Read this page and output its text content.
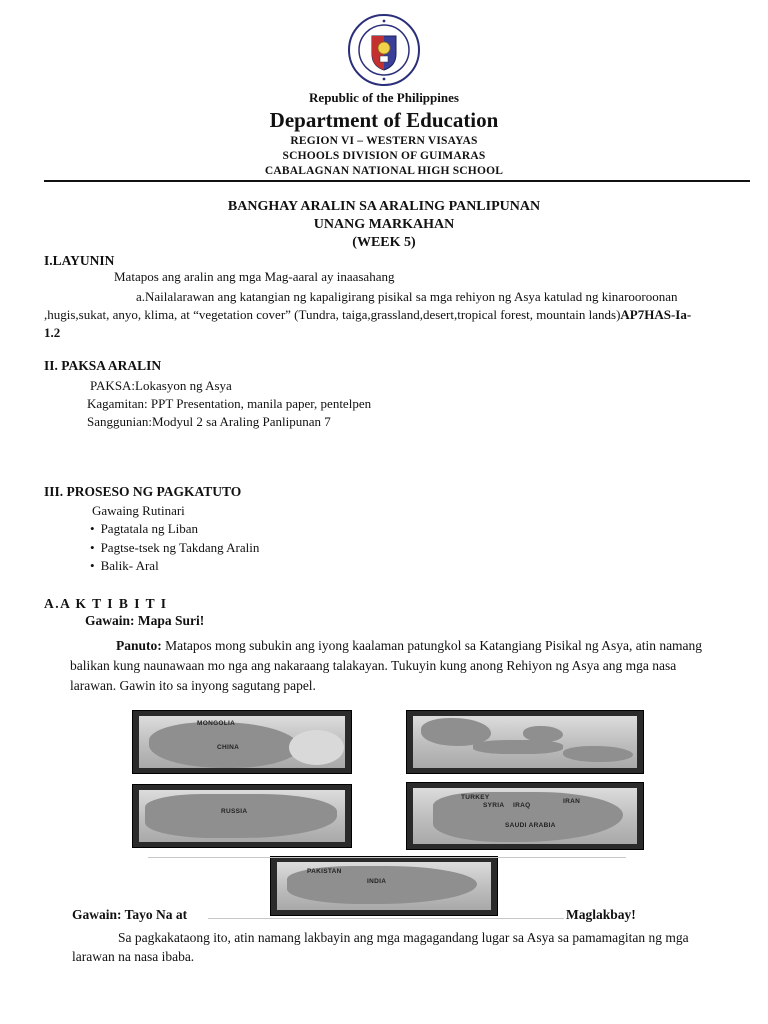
Republic of the Philippines
Department of Education
REGION VI – WESTERN VISAYAS
SCHOOLS DIVISION OF GUIMARAS
CABALAGNAN NATIONAL HIGH SCHOOL
BANGHAY ARALIN SA ARALING PANLIPUNAN
UNANG MARKAHAN
(WEEK 5)
I.LAYUNIN
Matapos ang aralin ang mga Mag-aaral ay inaasahang
a.Nailalarawan ang katangian ng kapaligirang pisikal sa mga rehiyon ng Asya katulad ng kinarooroonan ,hugis,sukat, anyo, klima, at “vegetation cover” (Tundra, taiga,grassland,desert,tropical forest, mountain lands)AP7HAS-Ia-1.2
II. PAKSA ARALIN
PAKSA:Lokasyon ng Asya
Kagamitan: PPT Presentation, manila paper, pentelpen
Sanggunian:Modyul 2 sa Araling Panlipunan 7
III. PROSESO NG PAGKATUTO
Gawaing Rutinari
• Pagtatala ng Liban
• Pagtse-tsek ng Takdang Aralin
• Balik- Aral
A.A K T I B I T I
Gawain: Mapa Suri!
Panuto: Matapos mong subukin ang iyong kaalaman patungkol sa Katangiang Pisikal ng Asya, atin namang balikan kung naunawaan mo nga ang nakaraang talakayan. Tukuyin kung anong Rehiyon ng Asya ang mga nasa larawan. Gawin ito sa inyong sagutang papel.
MONGOLIA
CHINA
RUSSIA
TURKEY
SYRIA IRAQ
IRAN
SAUDI ARABIA
PAKISTAN
INDIA
Gawain: Tayo Na at	Maglakbay!
Sa pagkakataong ito, atin namang lakbayin ang mga magagandang lugar sa Asya sa pamamagitan ng mga larawan na nasa ibaba.
